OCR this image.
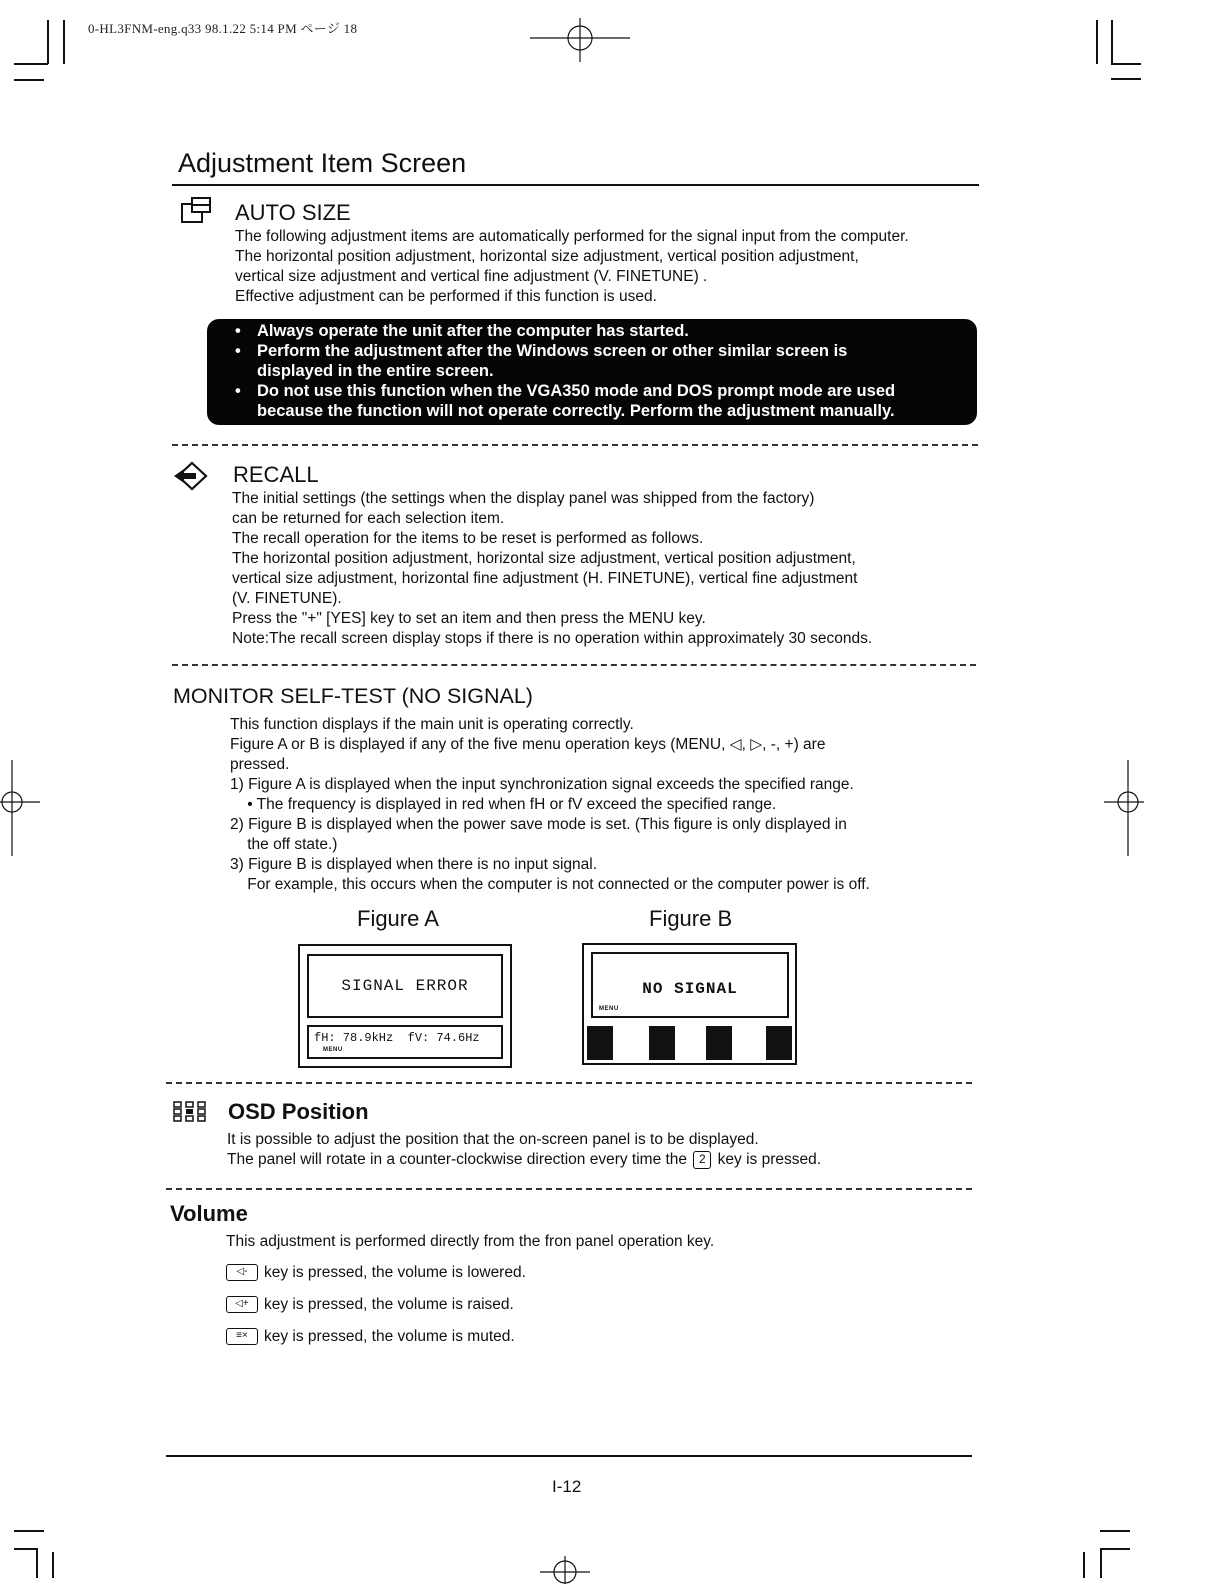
0-HL3FNM-eng.q33 98.1.22 5:14 PM ページ 18
Adjustment Item Screen
AUTO SIZE
The following adjustment items are automatically performed for the signal input from the computer.
The horizontal position adjustment, horizontal size adjustment, vertical position adjustment,
vertical size adjustment and vertical fine adjustment (V. FINETUNE) .
Effective adjustment can be performed if this function is used.
• Always operate the unit after the computer has started.
• Perform the adjustment after the Windows screen or other similar screen is
displayed in the entire screen.
• Do not use this function when the VGA350 mode and DOS prompt mode are used
because the function will not operate correctly. Perform the adjustment manually.
RECALL
The initial settings (the settings when the display panel was shipped from the factory)
can be returned for each selection item.
The recall operation for the items to be reset is performed as follows.
The horizontal position adjustment, horizontal size adjustment, vertical position adjustment,
vertical size adjustment, horizontal fine adjustment (H. FINETUNE), vertical fine adjustment
(V. FINETUNE).
Press the "+" [YES] key to set an item and then press the MENU key.
Note:The recall screen display stops if there is no operation within approximately 30 seconds.
MONITOR SELF-TEST (NO SIGNAL)
This function displays if the main unit is operating correctly.
Figure A or B is displayed if any of the five menu operation keys (MENU, ◁, ▷, -, +) are
pressed.
1) Figure A is displayed when the input synchronization signal exceeds the specified range.
• The frequency is displayed in red when fH or fV exceed the specified range.
2) Figure B is displayed when the power save mode is set. (This figure is only displayed in
the off state.)
3) Figure B is displayed when there is no input signal.
For example, this occurs when the computer is not connected or the computer power is off.
Figure A	Figure B
SIGNAL ERROR
fH: 78.9kHz  fV: 74.6Hz
MENU
NO SIGNAL
MENU
OSD Position
It is possible to adjust the position that the on-screen panel is to be displayed.
The panel will rotate in a counter-clockwise direction every time the 2 key is pressed.
Volume
This adjustment is performed directly from the fron panel operation key.
◁- key is pressed, the volume is lowered.
◁+ key is pressed, the volume is raised.
≡× key is pressed, the volume is muted.
I-12
